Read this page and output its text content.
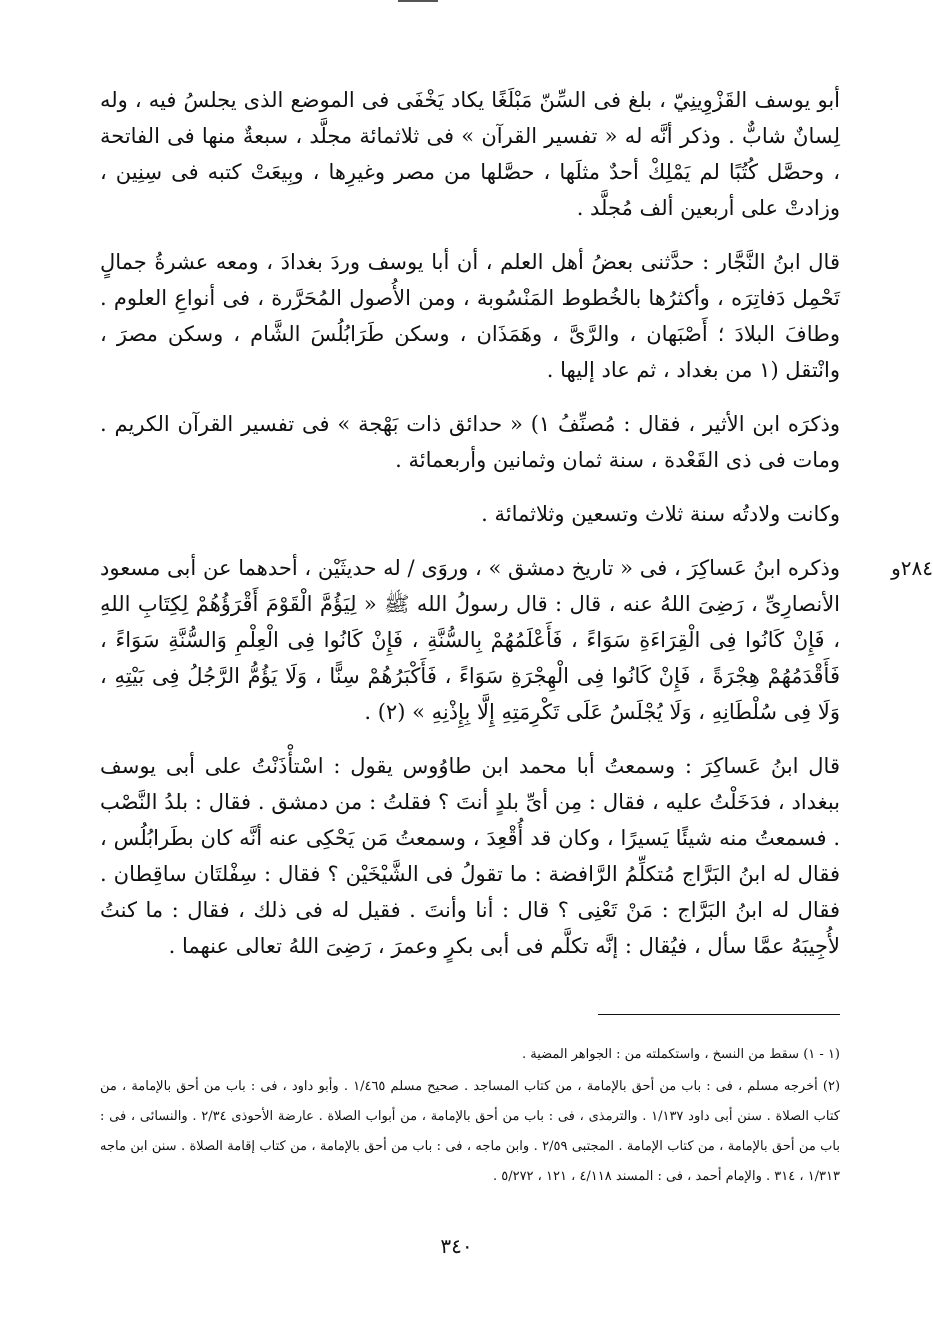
أبو يوسف القَزْوِينِيّ ، بلغ فى السِّنّ مَبْلَغًا يكاد يَخْفَى فى الموضع الذى يجلسُ فيه ، وله لِسانٌ شابٌّ . وذكر أنَّه له « تفسير القرآن » فى ثلاثمائة مجلَّد ، سبعةٌ منها فى الفاتحة ، وحصَّل كُتُبًا لم يَمْلِكْ أحدٌ مثلَها ، حصَّلها من مصر وغيرِها ، وبِيعَتْ كتبه فى سِنِين ، وزادتْ على أربعين ألف مُجلَّد .

قال ابنُ النَّجَّار : حدَّثنى بعضُ أهل العلم ، أن أبا يوسف وردَ بغدادَ ، ومعه عشرةُ جمالٍ تَحْمِل دَفاتِرَه ، وأكثرُها بالخُطوط المَنْسُوبة ، ومن الأُصول المُحَرَّرة ، فى أنواعِ العلوم . وطافَ البلادَ ؛ أَصْبَهان ، والرَّىَّ ، وهَمَذَان ، وسكن طَرَابُلُسَ الشَّام ، وسكن مصرَ ، وانْتقل (١ من بغداد ، ثم عاد إليها .

وذكرَه ابن الأثير ، فقال : مُصنِّفُ ١) « حدائق ذات بَهْجة » فى تفسير القرآن الكريم . ومات فى ذى القَعْدة ، سنة ثمان وثمانين وأربعمائة .

وكانت ولادتُه سنة ثلاث وتسعين وثلاثمائة .

٢٨٤و

وذكره ابنُ عَساكِرَ ، فى « تاريخ دمشق » ، وروَى / له حديثَيْن ، أحدهما عن أبى مسعود الأنصارِىِّ ، رَضِىَ اللهُ عنه ، قال : قال رسولُ الله ﷺ « لِيَؤُمَّ الْقَوْمَ أَقْرَؤُهُمْ لِكِتَابِ اللهِ ، فَإِنْ كَانُوا فِى الْقِرَاءَةِ سَوَاءً ، فَأَعْلَمُهُمْ بِالسُّنَّةِ ، فَإِنْ كَانُوا فِى الْعِلْمِ وَالسُّنَّةِ سَوَاءً ، فَأَقْدَمُهُمْ هِجْرَةً ، فَإِنْ كَانُوا فِى الْهِجْرَةِ سَوَاءً ، فَأَكْبَرُهُمْ سِنًّا ، وَلَا يَؤُمُّ الرَّجُلُ فِى بَيْتِهِ ، وَلَا فِى سُلْطَانِهِ ، وَلَا يُجْلَسُ عَلَى تَكْرِمَتِهِ إِلَّا بِإِذْنِهِ » (٢) .

قال ابنُ عَساكِرَ : وسمعتُ أبا محمد ابن طاوُوس يقول : اسْتأْذَنْتُ على أبى يوسف ببغداد ، فدَخَلْتُ عليه ، فقال : مِن أىِّ بلدٍ أنتَ ؟ فقلتُ : من دمشق . فقال : بلدُ النَّصْب . فسمعتُ منه شيئًا يَسيرًا ، وكان قد أُقْعِدَ ، وسمعتُ مَن يَحْكِى عنه أنَّه كان بطَرابُلُس ، فقال له ابنُ البَرَّاج مُتكلِّمُ الرَّافضة : ما تقولُ فى الشَّيْخَيْن ؟ فقال : سِفْلتَان ساقِطان . فقال له ابنُ البَرَّاج : مَنْ تَعْنِى ؟ قال : أنا وأنتَ . فقيل له فى ذلك ، فقال : ما كنتُ لأُجِيبَهُ عمَّا سأل ، فيُقال : إنَّه تكلَّم فى أبى بكرٍ وعمرَ ، رَضِىَ اللهُ تعالى عنهما .

(١ - ١) سقط من النسخ ، واستكملته من : الجواهر المضية .

(٢) أخرجه مسلم ، فى : باب من أحق بالإمامة ، من كتاب المساجد . صحيح مسلم ١/٤٦٥ . وأبو داود ، فى : باب من أحق بالإمامة ، من كتاب الصلاة . سنن أبى داود ١/١٣٧ . والترمذى ، فى : باب من أحق بالإمامة ، من أبواب الصلاة . عارضة الأحوذى ٢/٣٤ . والنسائى ، فى : باب من أحق بالإمامة ، من كتاب الإمامة . المجتبى ٢/٥٩ . وابن ماجه ، فى : باب من أحق بالإمامة ، من كتاب إقامة الصلاة . سنن ابن ماجه ١/٣١٣ ، ٣١٤ . والإمام أحمد ، فى : المسند ٤/١١٨ ، ١٢١ ، ٥/٢٧٢ .

٣٤٠
